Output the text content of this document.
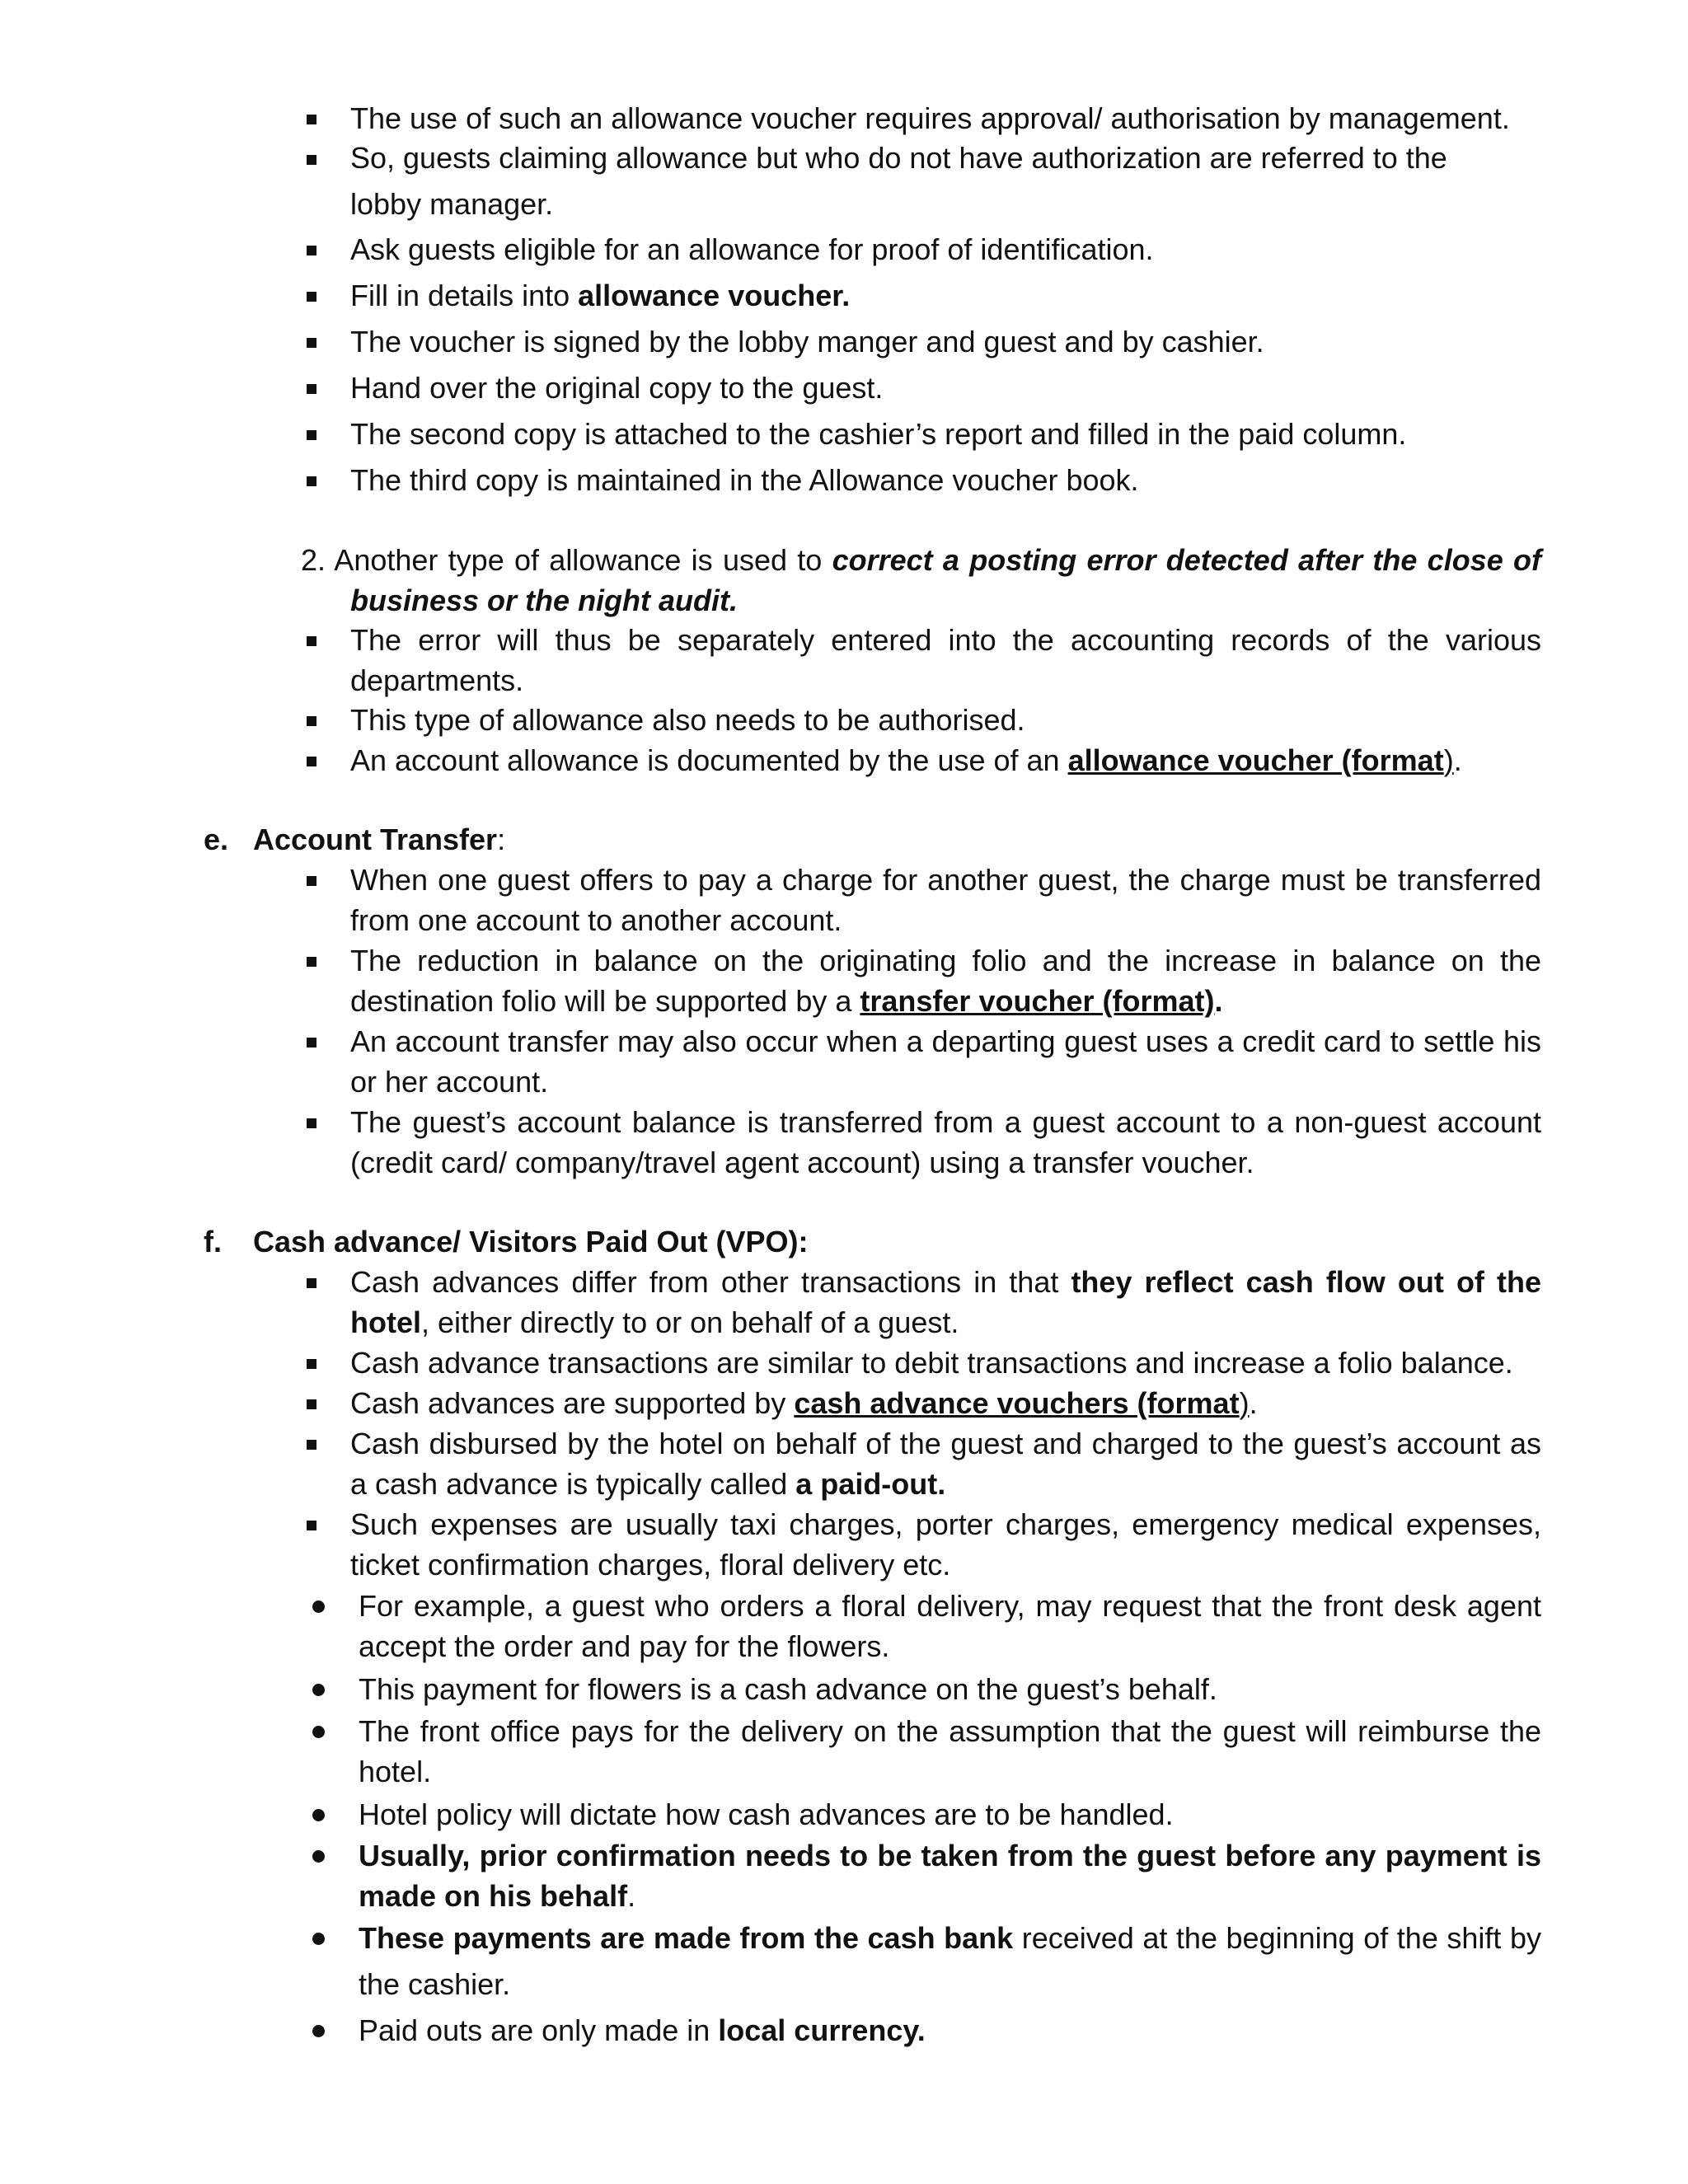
The use of such an allowance voucher requires approval/ authorisation by management.
So, guests claiming allowance but who do not have authorization are referred to the
lobby manager.
Ask guests eligible for an allowance for proof of identification.
Fill in details into allowance voucher.
The voucher is signed by the lobby manger and guest and by cashier.
Hand over the original copy to the guest.
The second copy is attached to the cashier’s report and filled in the paid column.
The third copy is maintained in the Allowance voucher book.
2. Another type of allowance is used to correct a posting error detected after the close of
business or the night audit.
The error will thus be separately entered into the accounting records of the various
departments.
This type of allowance also needs to be authorised.
An account allowance is documented by the use of an allowance voucher (format).
e. Account Transfer:
When one guest offers to pay a charge for another guest, the charge must be transferred
from one account to another account.
The reduction in balance on the originating folio and the increase in balance on the
destination folio will be supported by a transfer voucher (format).
An account transfer may also occur when a departing guest uses a credit card to settle his
or her account.
The guest’s account balance is transferred from a guest account to a non-guest account
(credit card/ company/travel agent account) using a transfer voucher.
f. Cash advance/ Visitors Paid Out (VPO):
Cash advances differ from other transactions in that they reflect cash flow out of the
hotel, either directly to or on behalf of a guest.
Cash advance transactions are similar to debit transactions and increase a folio balance.
Cash advances are supported by cash advance vouchers (format).
Cash disbursed by the hotel on behalf of the guest and charged to the guest’s account as
a cash advance is typically called a paid-out.
Such expenses are usually taxi charges, porter charges, emergency medical expenses,
ticket confirmation charges, floral delivery etc.
For example, a guest who orders a floral delivery, may request that the front desk agent
accept the order and pay for the flowers.
This payment for flowers is a cash advance on the guest’s behalf.
The front office pays for the delivery on the assumption that the guest will reimburse the
hotel.
Hotel policy will dictate how cash advances are to be handled.
Usually, prior confirmation needs to be taken from the guest before any payment is
made on his behalf.
These payments are made from the cash bank received at the beginning of the shift by
the cashier.
Paid outs are only made in local currency.
